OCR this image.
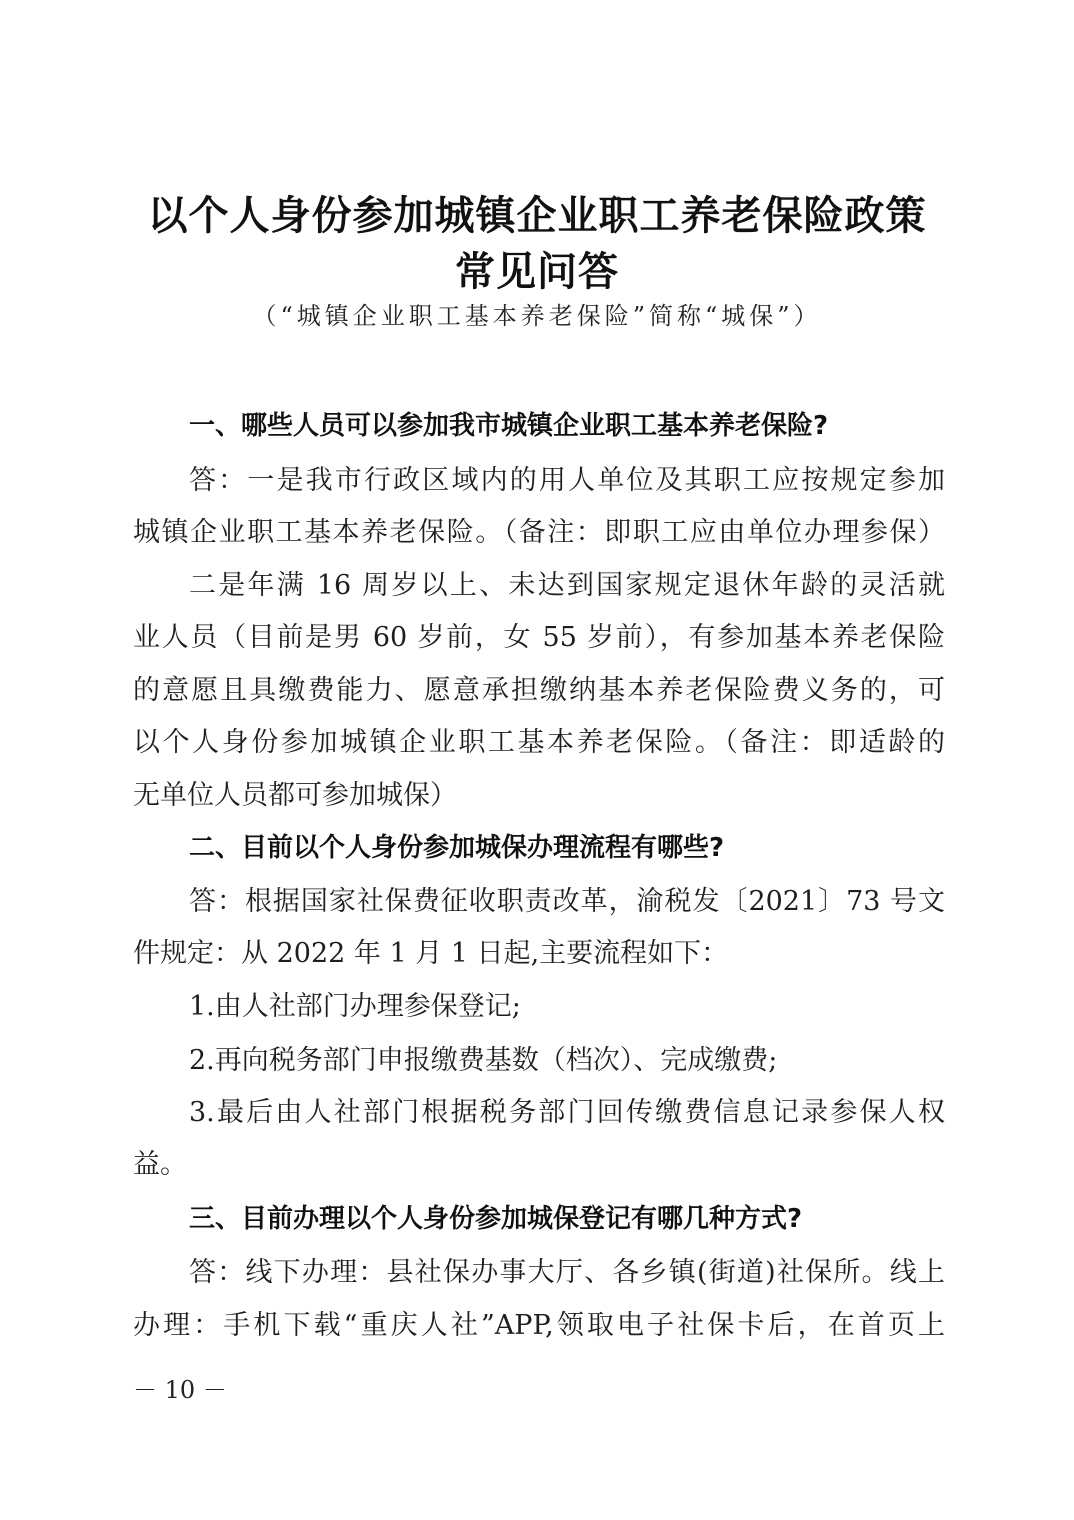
以个人身份参加城镇企业职工养老保险政策
常见问答
（“城镇企业职工基本养老保险”简称“城保”）
一、哪些人员可以参加我市城镇企业职工基本养老保险?
答：一是我市行政区域内的用人单位及其职工应按规定参加
城镇企业职工基本养老保险。（备注：即职工应由单位办理参保）
二是年满 16 周岁以上、未达到国家规定退休年龄的灵活就
业人员（目前是男 60 岁前，女 55 岁前），有参加基本养老保险
的意愿且具缴费能力、愿意承担缴纳基本养老保险费义务的，可
以个人身份参加城镇企业职工基本养老保险。（备注：即适龄的
无单位人员都可参加城保）
二、目前以个人身份参加城保办理流程有哪些?
答：根据国家社保费征收职责改革，渝税发〔2021〕73 号文
件规定：从 2022 年 1 月 1 日起,主要流程如下：
1.由人社部门办理参保登记;
2.再向税务部门申报缴费基数（档次）、完成缴费;
3.最后由人社部门根据税务部门回传缴费信息记录参保人权
益。
三、目前办理以个人身份参加城保登记有哪几种方式?
答：线下办理：县社保办事大厅、各乡镇(街道)社保所。线上
办理：手机下载“重庆人社”APP,领取电子社保卡后，在首页上
－ 10 －
